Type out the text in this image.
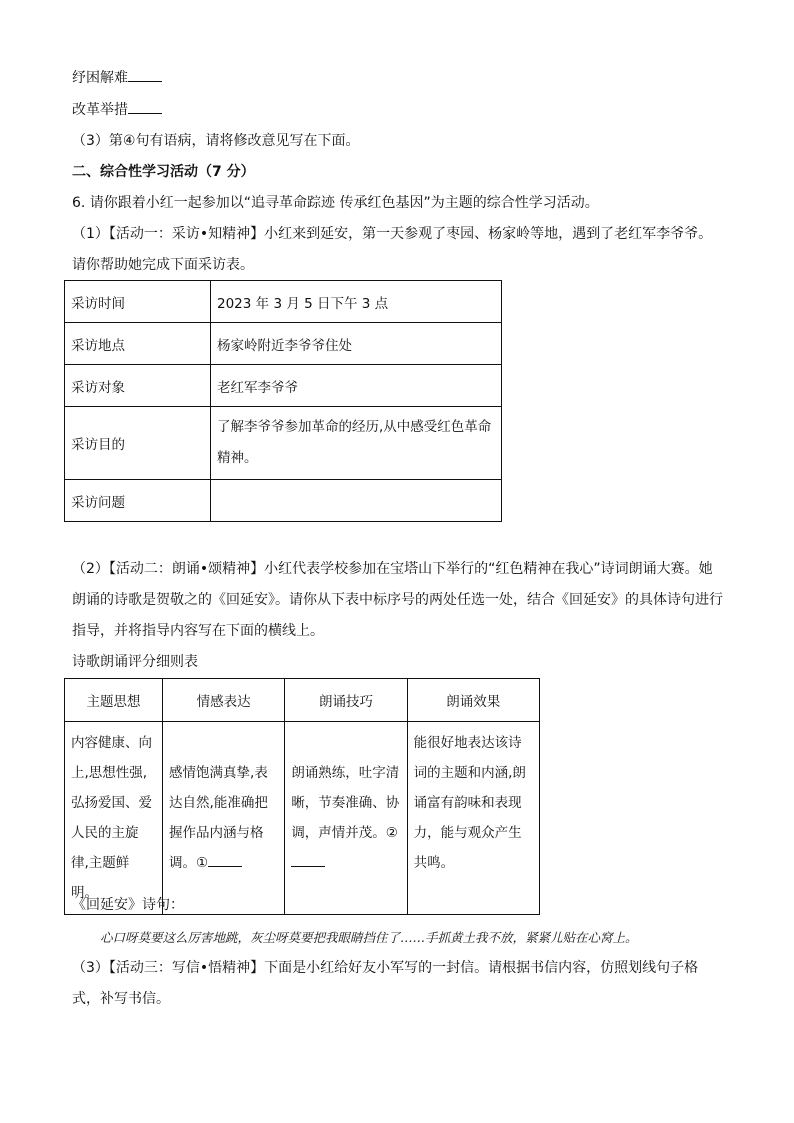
纾困解难
改革举措
（3）第④句有语病，请将修改意见写在下面。
二、综合性学习活动（7 分）
6. 请你跟着小红一起参加以“追寻革命踪迹 传承红色基因”为主题的综合性学习活动。
（1）【活动一：采访•知精神】小红来到延安，第一天参观了枣园、杨家岭等地，遇到了老红军李爷爷。请你帮助她完成下面采访表。
采访时间	2023 年 3 月 5 日下午 3 点
采访地点	杨家岭附近李爷爷住处
采访对象	老红军李爷爷
采访目的	了解李爷爷参加革命的经历,从中感受红色革命精神。
采访问题	
（2）【活动二：朗诵•颂精神】小红代表学校参加在宝塔山下举行的“红色精神在我心”诗词朗诵大赛。她朗诵的诗歌是贺敬之的《回延安》。请你从下表中标序号的两处任选一处，结合《回延安》的具体诗句进行指导，并将指导内容写在下面的横线上。
诗歌朗诵评分细则表
主题思想	情感表达	朗诵技巧	朗诵效果
内容健康、向上,思想性强,弘扬爱国、爱人民的主旋律,主题鲜明。	感情饱满真挚,表达自然,能准确把握作品内涵与格调。①	朗诵熟练，吐字清晰，节奏准确、协调，声情并茂。②	能很好地表达该诗词的主题和内涵,朗诵富有韵味和表现力，能与观众产生共鸣。
《回延安》诗句：
心口呀莫要这么厉害地跳，灰尘呀莫要把我眼睛挡住了……手抓黄土我不放，紧紧儿贴在心窝上。
（3）【活动三：写信•悟精神】下面是小红给好友小军写的一封信。请根据书信内容，仿照划线句子格式，补写书信。
